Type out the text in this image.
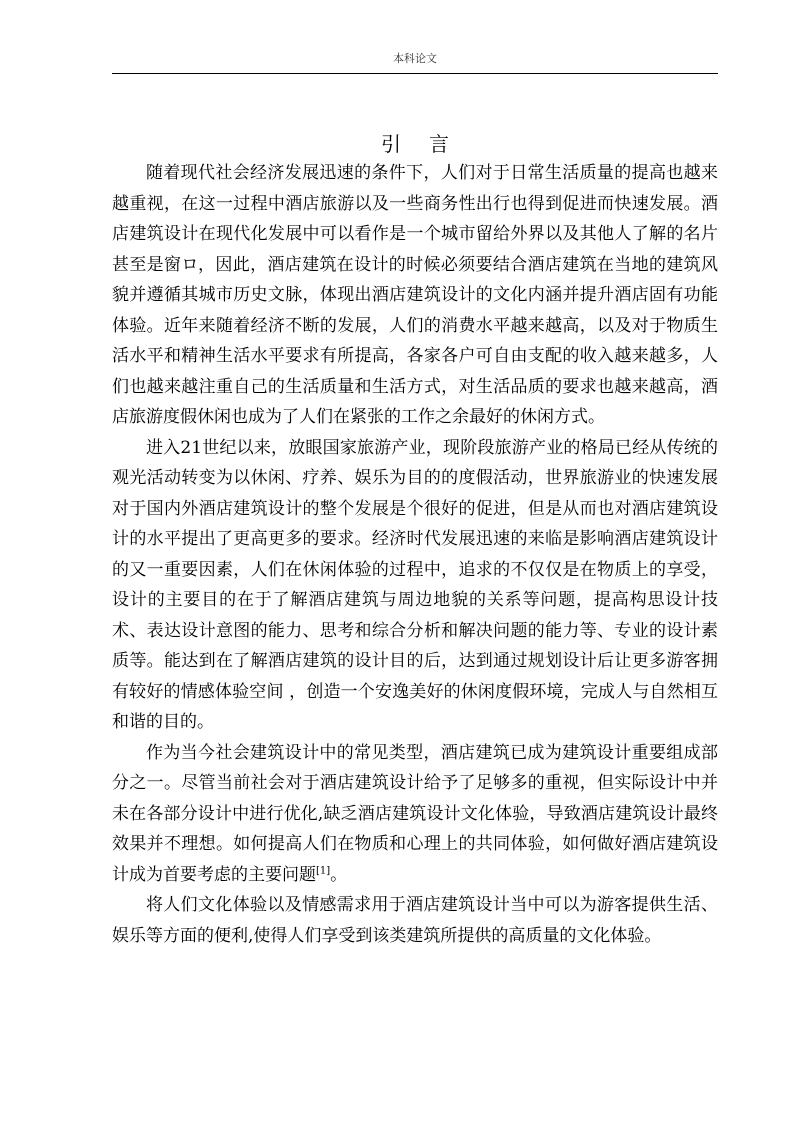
本科论文
引言

随着现代社会经济发展迅速的条件下，人们对于日常生活质量的提高也越来越重视，在这一过程中酒店旅游以及一些商务性出行也得到促进而快速发展。酒店建筑设计在现代化发展中可以看作是一个城市留给外界以及其他人了解的名片甚至是窗ロ，因此，酒店建筑在设计的时候必须要结合酒店建筑在当地的建筑风貌并遵循其城市历史文脉，体现出酒店建筑设计的文化内涵并提升酒店固有功能体验。近年来随着经济不断的发展，人们的消费水平越来越高，以及对于物质生活水平和精神生活水平要求有所提高，各家各户可自由支配的收入越来越多，人们也越来越注重自己的生活质量和生活方式，对生活品质的要求也越来越高，酒店旅游度假休闲也成为了人们在紧张的工作之余最好的休闲方式。

进入21世纪以来，放眼国家旅游产业，现阶段旅游产业的格局已经从传统的观光活动转变为以休闲、疗养、娱乐为目的的度假活动，世界旅游业的快速发展对于国内外酒店建筑设计的整个发展是个很好的促进，但是从而也对酒店建筑设计的水平提出了更高更多的要求。经济时代发展迅速的来临是影响酒店建筑设计的又一重要因素，人们在休闲体验的过程中，追求的不仅仅是在物质上的享受，设计的主要目的在于了解酒店建筑与周边地貌的关系等问题，提高构思设计技术、表达设计意图的能力、思考和综合分析和解决问题的能力等、专业的设计素质等。能达到在了解酒店建筑的设计目的后，达到通过规划设计后让更多游客拥有较好的情感体验空间 ，创造一个安逸美好的休闲度假环境，完成人与自然相互和谐的目的。

作为当今社会建筑设计中的常见类型，酒店建筑已成为建筑设计重要组成部分之一。尽管当前社会对于酒店建筑设计给予了足够多的重视，但实际设计中并未在各部分设计中进行优化,缺乏酒店建筑设计文化体验，导致酒店建筑设计最终效果并不理想。如何提高人们在物质和心理上的共同体验，如何做好酒店建筑设计成为首要考虑的主要问题[1]。

将人们文化体验以及情感需求用于酒店建筑设计当中可以为游客提供生活、娱乐等方面的便利,使得人们享受到该类建筑所提供的高质量的文化体验。
